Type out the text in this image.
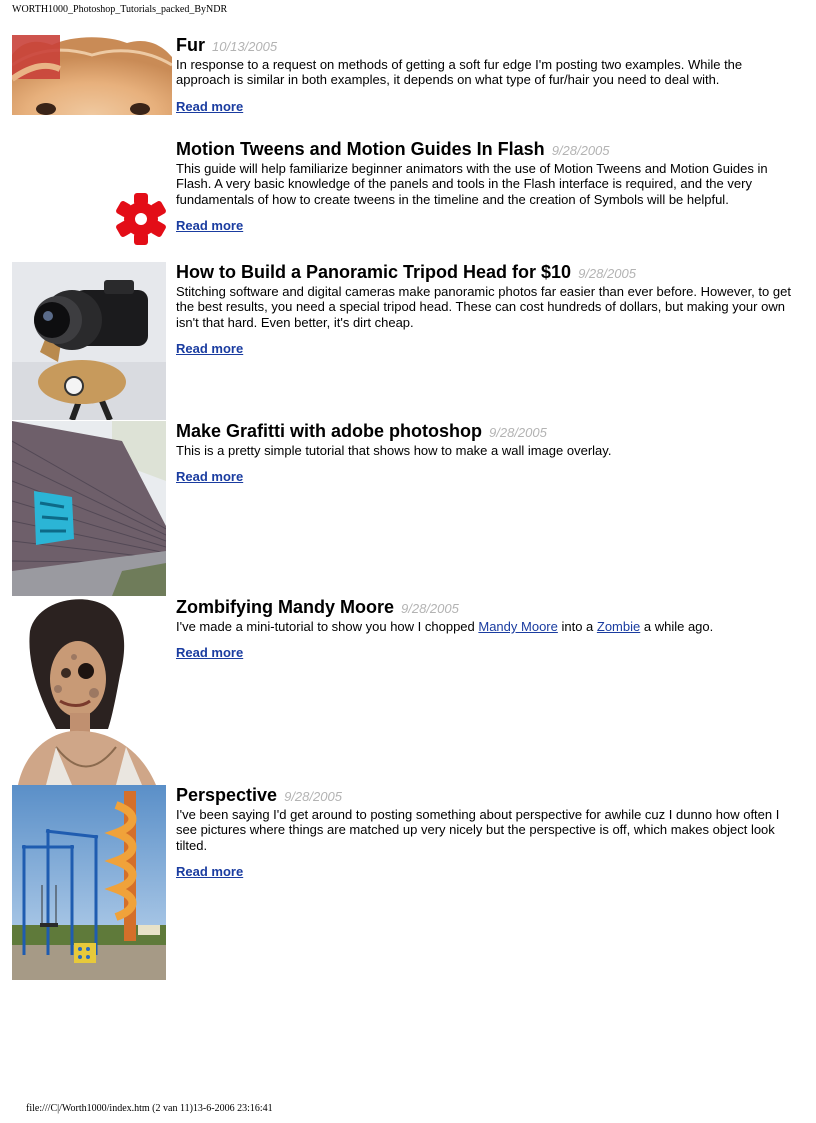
WORTH1000_Photoshop_Tutorials_packed_ByNDR
Fur 10/13/2005

In response to a request on methods of getting a soft fur edge I'm posting two examples. While the approach is similar in both examples, it depends on what type of fur/hair you need to deal with.

Read more
Motion Tweens and Motion Guides In Flash 9/28/2005

This guide will help familiarize beginner animators with the use of Motion Tweens and Motion Guides in Flash. A very basic knowledge of the panels and tools in the Flash interface is required, and the very fundamentals of how to create tweens in the timeline and the creation of Symbols will be helpful.

Read more
How to Build a Panoramic Tripod Head for $10 9/28/2005

Stitching software and digital cameras make panoramic photos far easier than ever before. However, to get the best results, you need a special tripod head. These can cost hundreds of dollars, but making your own isn't that hard. Even better, it's dirt cheap.

Read more
Make Grafitti with adobe photoshop 9/28/2005

This is a pretty simple tutorial that shows how to make a wall image overlay.

Read more
Zombifying Mandy Moore 9/28/2005

I've made a mini-tutorial to show you how I chopped Mandy Moore into a Zombie a while ago.

Read more
Perspective 9/28/2005

I've been saying I'd get around to posting something about perspective for awhile cuz I dunno how often I see pictures where things are matched up very nicely but the perspective is off, which makes object look tilted.

Read more
file:///C|/Worth1000/index.htm (2 van 11)13-6-2006 23:16:41
